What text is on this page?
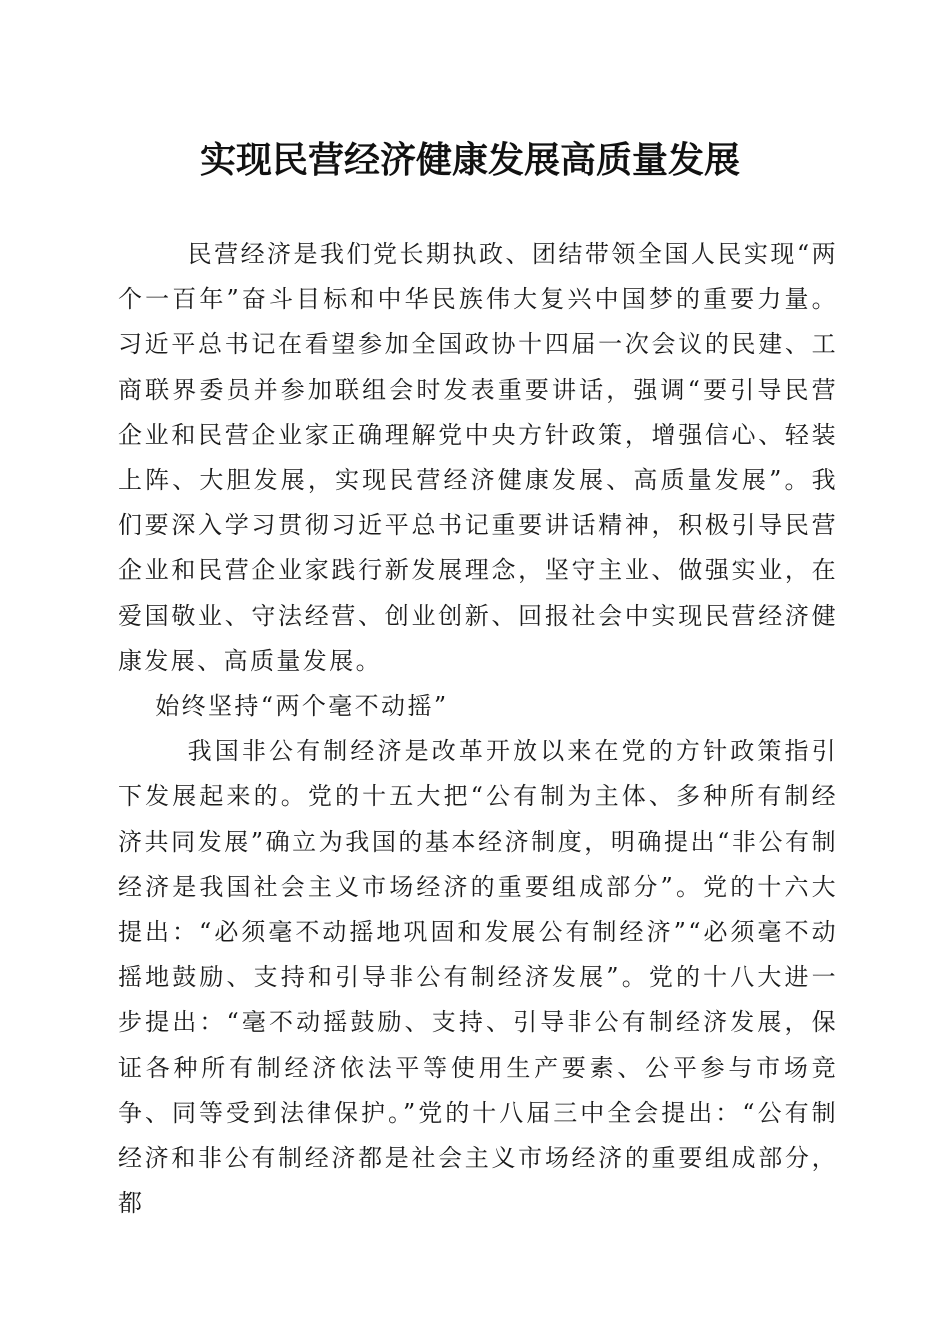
实现民营经济健康发展高质量发展

民营经济是我们党长期执政、团结带领全国人民实现“两个一百年”奋斗目标和中华民族伟大复兴中国梦的重要力量。习近平总书记在看望参加全国政协十四届一次会议的民建、工商联界委员并参加联组会时发表重要讲话，强调“要引导民营企业和民营企业家正确理解党中央方针政策，增强信心、轻装上阵、大胆发展，实现民营经济健康发展、高质量发展”。我们要深入学习贯彻习近平总书记重要讲话精神，积极引导民营企业和民营企业家践行新发展理念，坚守主业、做强实业，在爱国敬业、守法经营、创业创新、回报社会中实现民营经济健康发展、高质量发展。

始终坚持“两个毫不动摇”

我国非公有制经济是改革开放以来在党的方针政策指引下发展起来的。党的十五大把“公有制为主体、多种所有制经济共同发展”确立为我国的基本经济制度，明确提出“非公有制经济是我国社会主义市场经济的重要组成部分”。党的十六大提出：“必须毫不动摇地巩固和发展公有制经济”“必须毫不动摇地鼓励、支持和引导非公有制经济发展”。党的十八大进一步提出：“毫不动摇鼓励、支持、引导非公有制经济发展，保证各种所有制经济依法平等使用生产要素、公平参与市场竞争、同等受到法律保护。”党的十八届三中全会提出：“公有制经济和非公有制经济都是社会主义市场经济的重要组成部分，都
